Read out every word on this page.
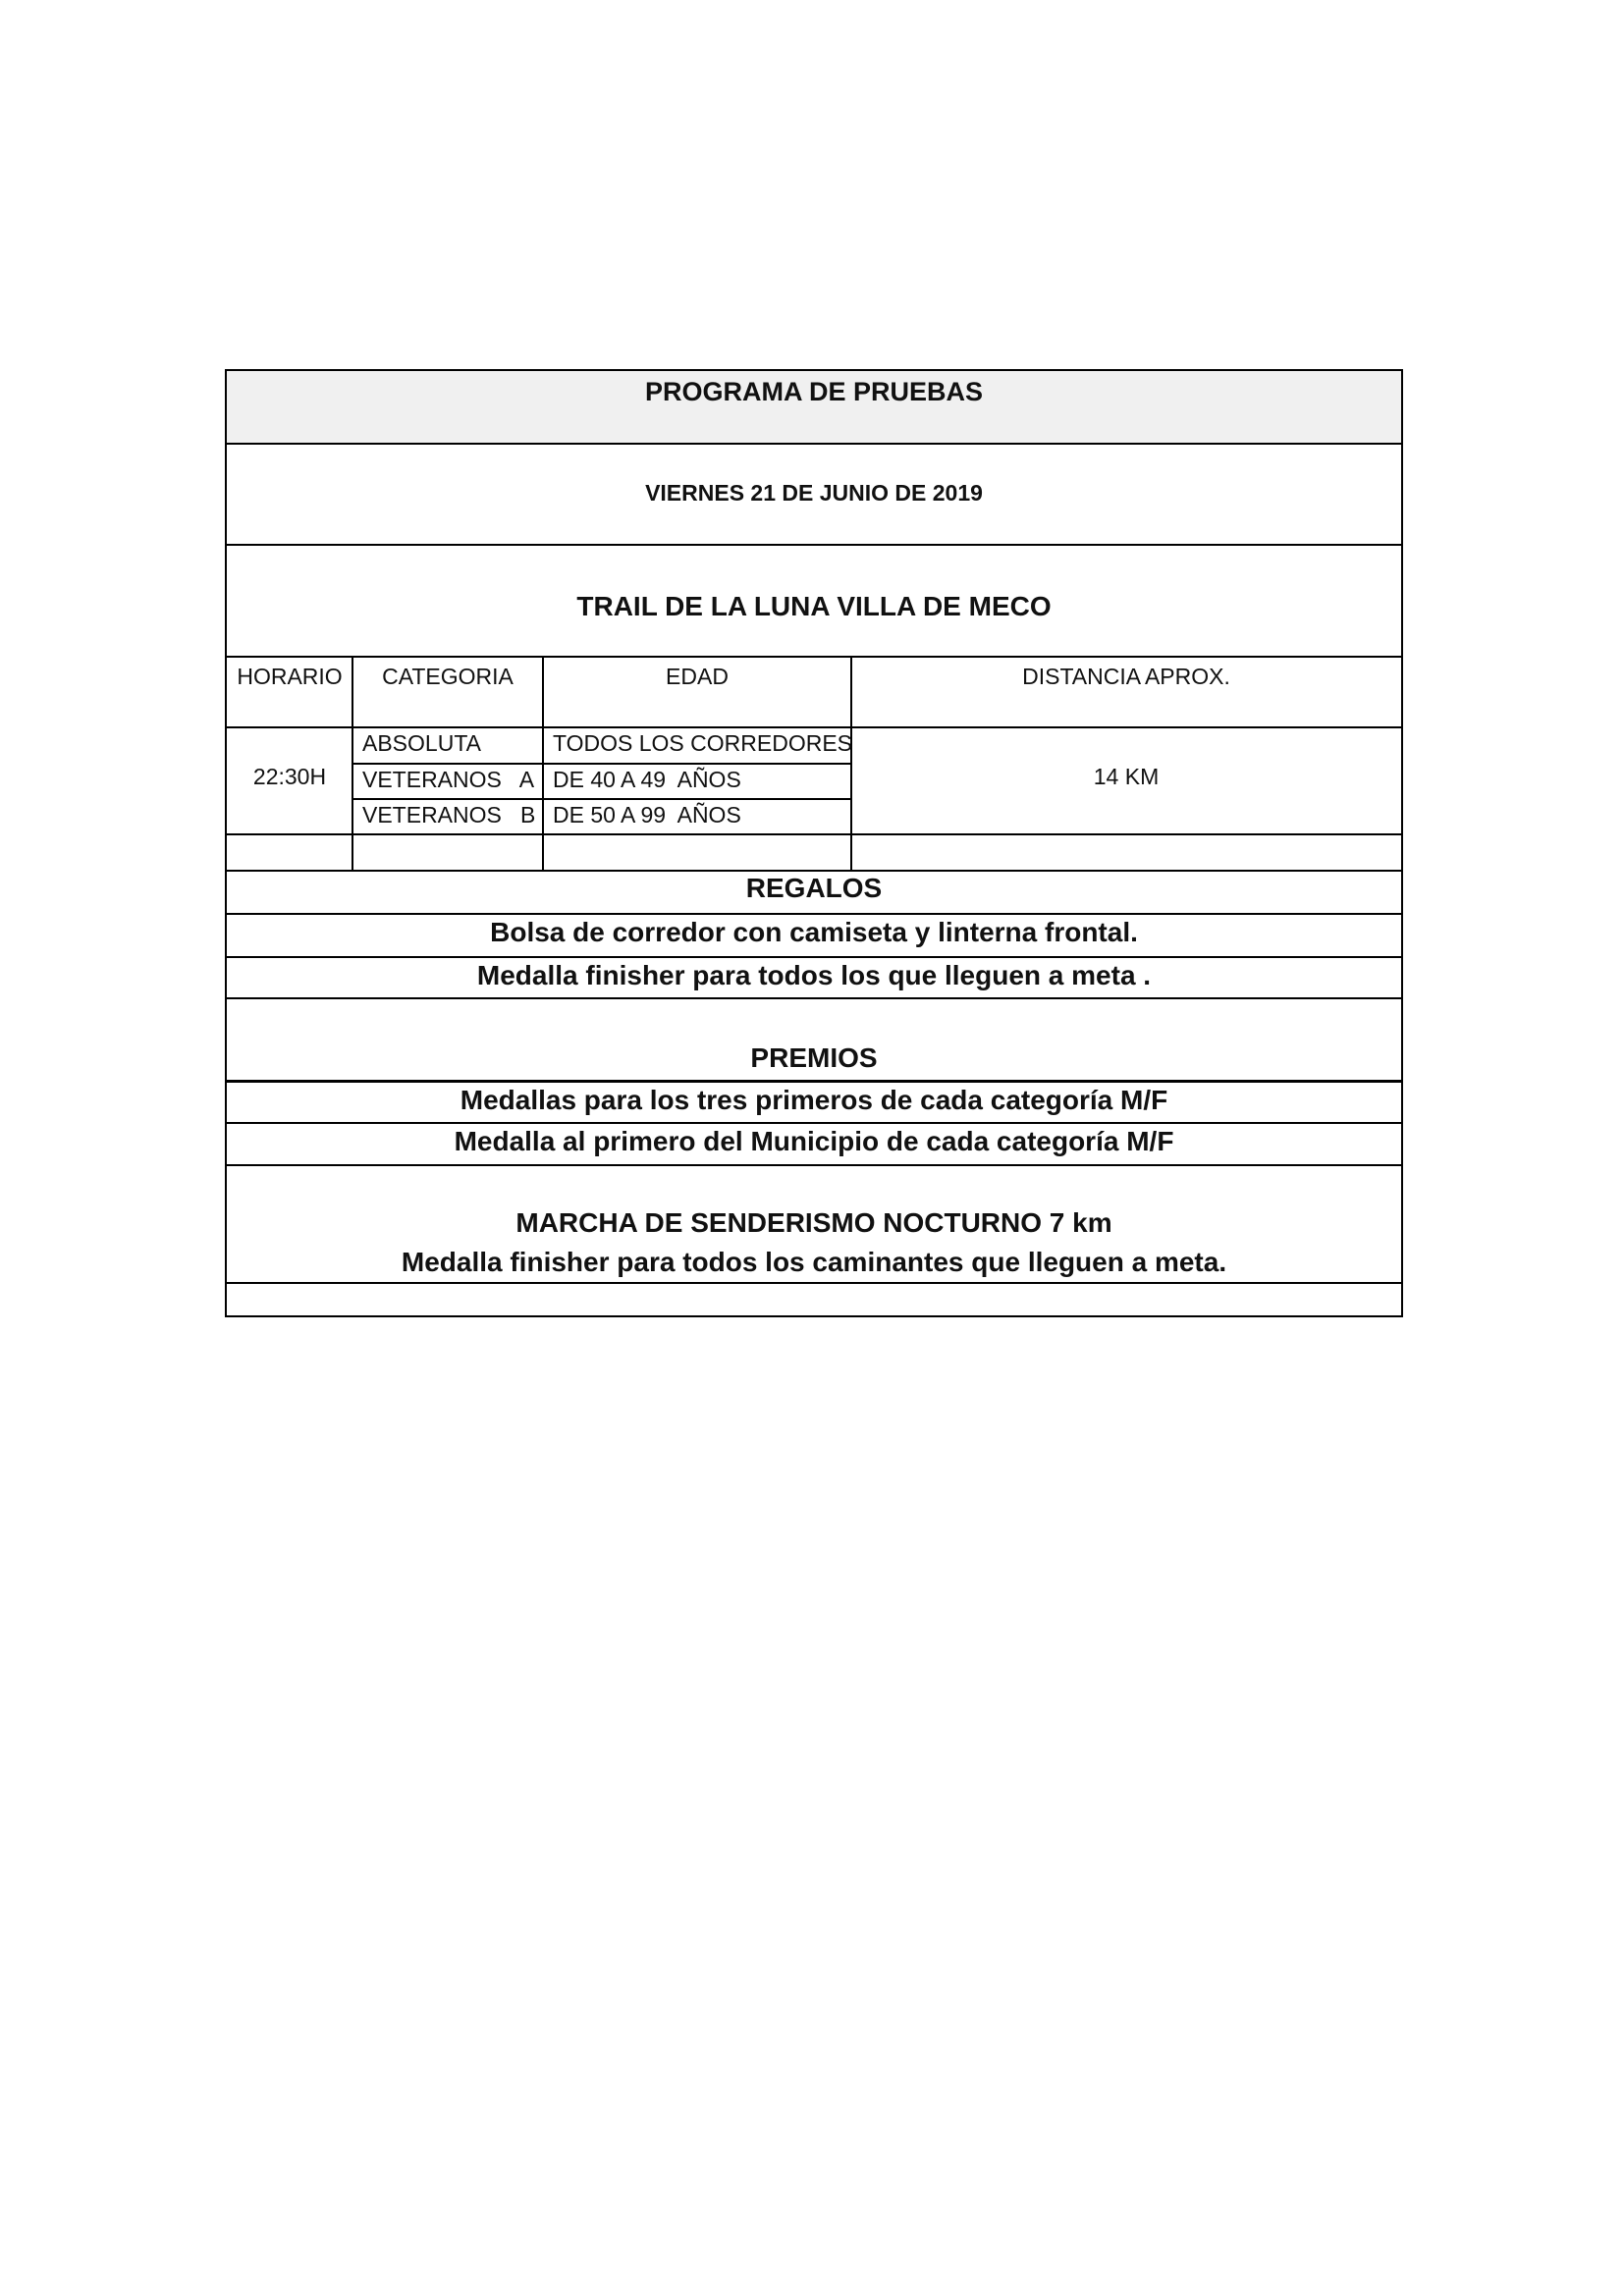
PROGRAMA DE PRUEBAS
VIERNES 21 DE JUNIO DE 2019
TRAIL DE LA LUNA VILLA DE MECO
HORARIO	CATEGORIA	EDAD	DISTANCIA APROX.
22:30H	14 KM
ABSOLUTA	TODOS LOS CORREDORES
VETERANOS   A DE 40 A 49  AÑOS
VETERANOS   B DE 50 A 99  AÑOS
REGALOS
Bolsa de corredor con camiseta y linterna frontal.
Medalla finisher para todos los que lleguen a meta .
PREMIOS
Medallas para los tres primeros de cada categoría M/F
Medalla al primero del Municipio de cada categoría M/F
MARCHA DE SENDERISMO NOCTURNO 7 km
Medalla finisher para todos los caminantes que lleguen a meta.
